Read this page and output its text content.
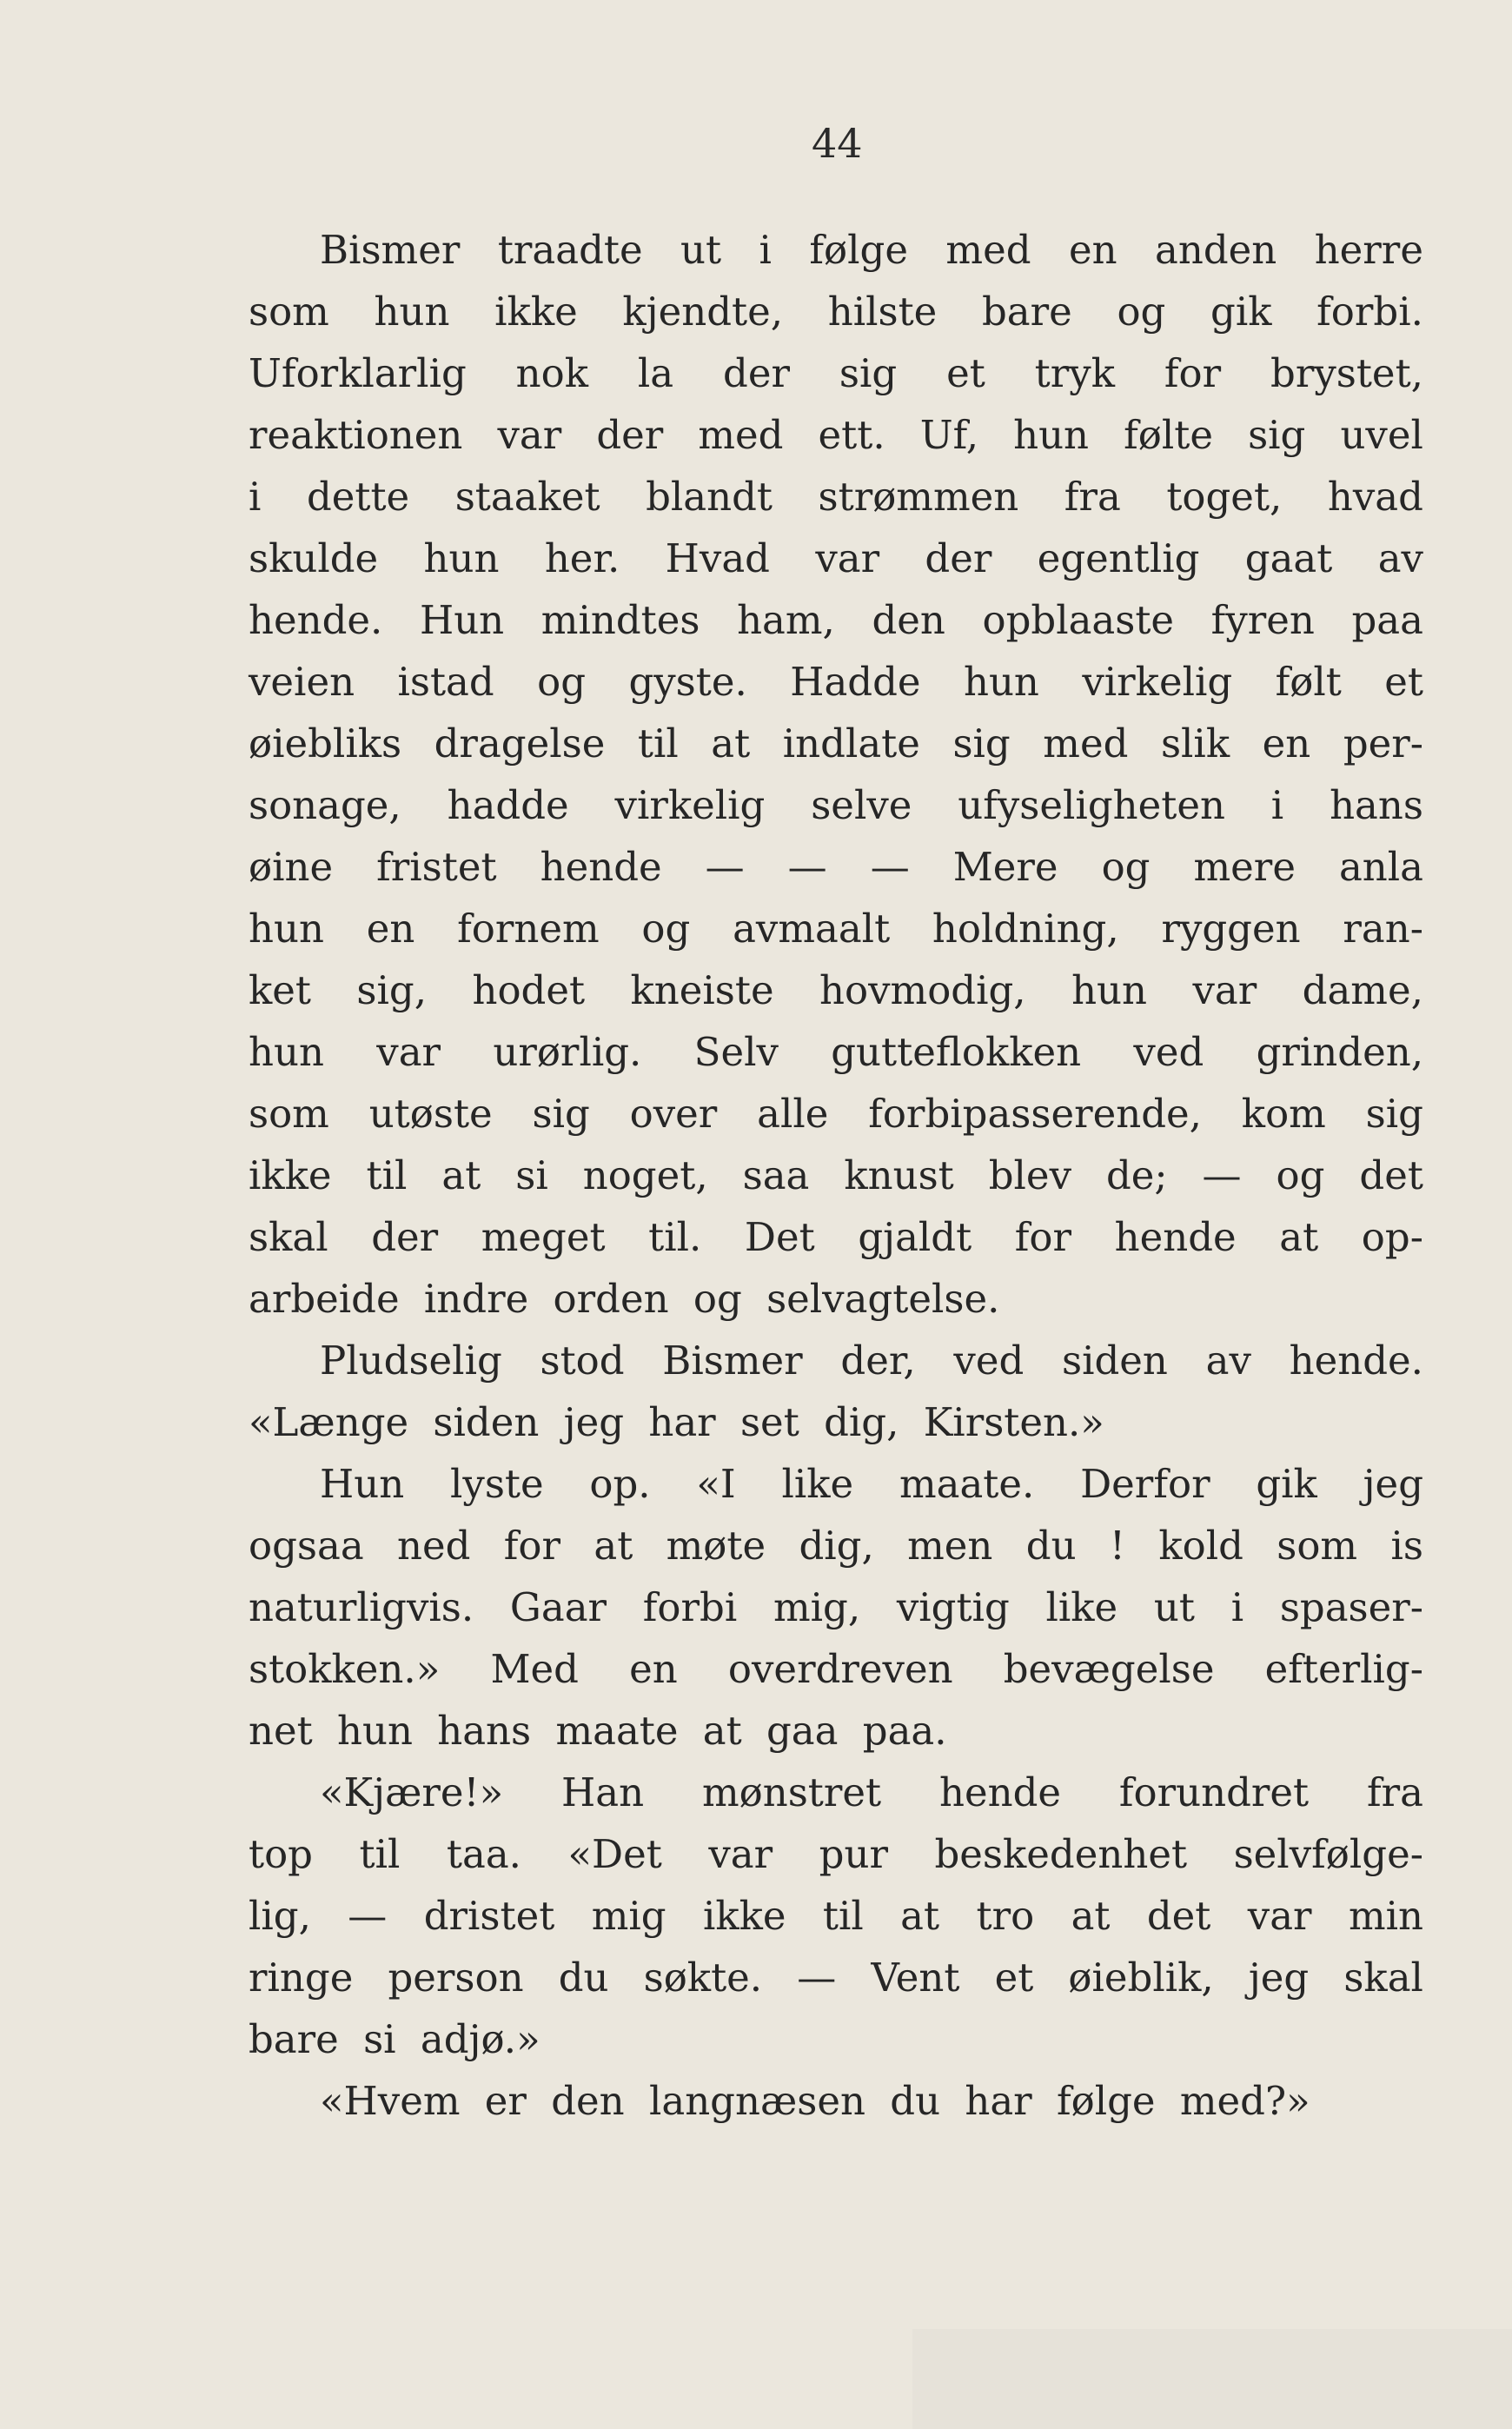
44
Bismer traadte ut i følge med en anden herre
som hun ikke kjendte, hilste bare og gik forbi.
Uforklarlig nok la der sig et tryk for brystet,
reaktionen var der med ett. Uf, hun følte sig uvel
i dette staaket blandt strømmen fra toget, hvad
skulde hun her. Hvad var der egentlig gaat av
hende. Hun mindtes ham, den opblaaste fyren paa
veien istad og gyste. Hadde hun virkelig følt et
øiebliks dragelse til at indlate sig med slik en per-
sonage, hadde virkelig selve ufyseligheten i hans
øine fristet hende — — — Mere og mere anla
hun en fornem og avmaalt holdning, ryggen ran-
ket sig, hodet kneiste hovmodig, hun var dame,
hun var urørlig. Selv gutteflokken ved grinden,
som utøste sig over alle forbipasserende, kom sig
ikke til at si noget, saa knust blev de; — og det
skal der meget til. Det gjaldt for hende at op-
arbeide indre orden og selvagtelse.
Pludselig stod Bismer der, ved siden av hende.
«Længe siden jeg har set dig, Kirsten.»
Hun lyste op. «I like maate. Derfor gik jeg
ogsaa ned for at møte dig, men du ! kold som is
naturligvis. Gaar forbi mig, vigtig like ut i spaser-
stokken.» Med en overdreven bevægelse efterlig-
net hun hans maate at gaa paa.
«Kjære!» Han mønstret hende forundret fra
top til taa. «Det var pur beskedenhet selvfølge-
lig, — dristet mig ikke til at tro at det var min
ringe person du søkte. — Vent et øieblik, jeg skal
bare si adjø.»
«Hvem er den langnæsen du har følge med?»
